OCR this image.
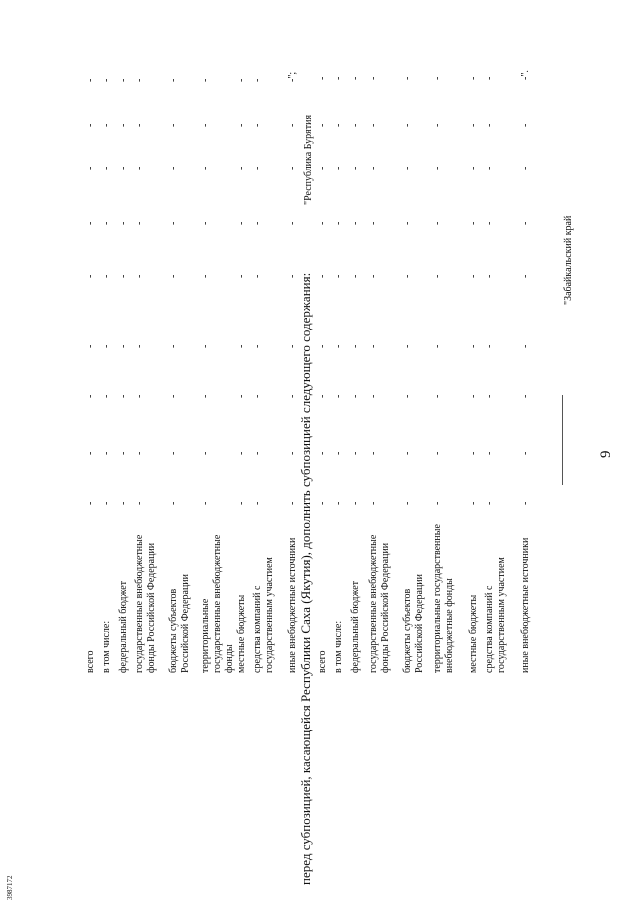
9
3987172
"Забайкальский край
всего
-
-
-
-
-
-
-
-
-
в том числе:
-
-
-
-
-
-
-
-
-
федеральный бюджет
-
-
-
-
-
-
-
-
-
государственные внебюджетные фонды Российской Федерации
-
-
-
-
-
-
-
-
-
бюджеты субъектов Российской Федерации
-
-
-
-
-
-
-
-
-
территориальные государственные внебюджетные фонды
-
-
-
-
-
-
-
-
-
местные бюджеты
-
-
-
-
-
-
-
-
-
средства компаний с государственным участием
-
-
-
-
-
-
-
-
-
иные внебюджетные источники
-
-
-
-
-
-
-
-
-";
перед субпозицией, касающейся Республики Саха (Якутия), дополнить субпозицией следующего содержания:
"Республика Бурятия
всего
-
-
-
-
-
-
-
-
-
в том числе:
-
-
-
-
-
-
-
-
-
федеральный бюджет
-
-
-
-
-
-
-
-
-
государственные внебюджетные фонды Российской Федерации
-
-
-
-
-
-
-
-
-
бюджеты субъектов Российской Федерации
-
-
-
-
-
-
-
-
-
территориальные государственные внебюджетные фонды
-
-
-
-
-
-
-
-
-
местные бюджеты
-
-
-
-
-
-
-
-
-
средства компаний с государственным участием
-
-
-
-
-
-
-
-
-
иные внебюджетные источники
-
-
-
-
-
-
-
-
-".
